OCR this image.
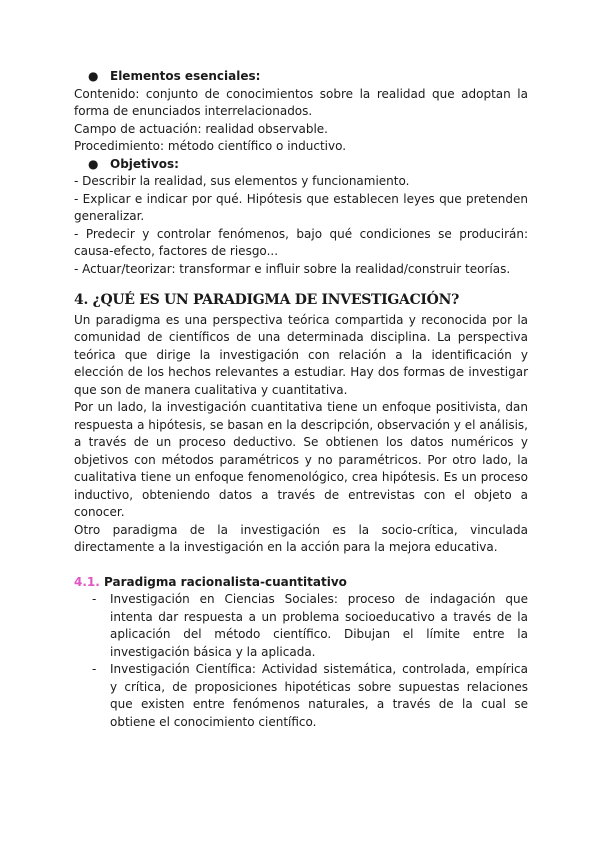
● Elementos esenciales:

Contenido: conjunto de conocimientos sobre la realidad que adoptan la forma de enunciados interrelacionados.

Campo de actuación: realidad observable.

Procedimiento: método científico o inductivo.

● Objetivos:

- Describir la realidad, sus elementos y funcionamiento.

- Explicar e indicar por qué. Hipótesis que establecen leyes que pretenden generalizar.

- Predecir y controlar fenómenos, bajo qué condiciones se producirán: causa-efecto, factores de riesgo...

- Actuar/teorizar: transformar e influir sobre la realidad/construir teorías.

4. ¿QUÉ ES UN PARADIGMA DE INVESTIGACIÓN?

Un paradigma es una perspectiva teórica compartida y reconocida por la comunidad de científicos de una determinada disciplina. La perspectiva teórica que dirige la investigación con relación a la identificación y elección de los hechos relevantes a estudiar. Hay dos formas de investigar que son de manera cualitativa y cuantitativa.

Por un lado, la investigación cuantitativa tiene un enfoque positivista, dan respuesta a hipótesis, se basan en la descripción, observación y el análisis, a través de un proceso deductivo. Se obtienen los datos numéricos y objetivos con métodos paramétricos y no paramétricos. Por otro lado, la cualitativa tiene un enfoque fenomenológico, crea hipótesis. Es un proceso inductivo, obteniendo datos a través de entrevistas con el objeto a conocer.

Otro paradigma de la investigación es la socio-crítica, vinculada directamente a la investigación en la acción para la mejora educativa.

4.1. Paradigma racionalista-cuantitativo
-	Investigación en Ciencias Sociales: proceso de indagación que intenta dar respuesta a un problema socioeducativo a través de la aplicación del método científico. Dibujan el límite entre la investigación básica y la aplicada.
-	Investigación Científica: Actividad sistemática, controlada, empírica y crítica, de proposiciones hipotéticas sobre supuestas relaciones que existen entre fenómenos naturales, a través de la cual se obtiene el conocimiento científico.
